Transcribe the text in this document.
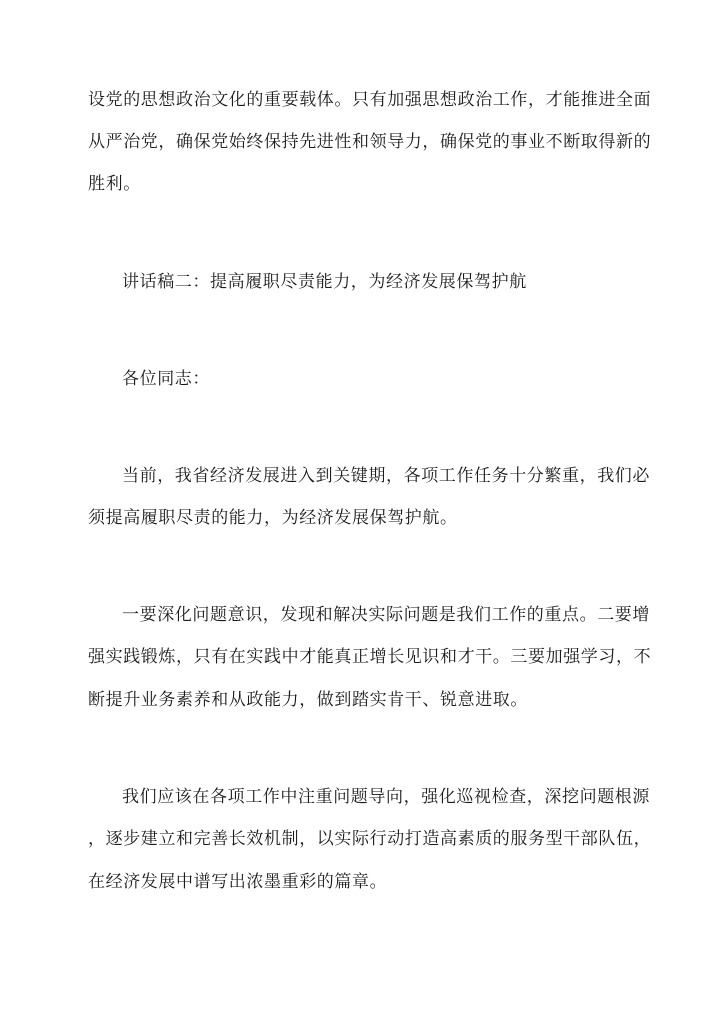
设党的思想政治文化的重要载体。只有加强思想政治工作，才能推进全面
从严治党，确保党始终保持先进性和领导力，确保党的事业不断取得新的
胜利。
讲话稿二：提高履职尽责能力，为经济发展保驾护航
各位同志：
当前，我省经济发展进入到关键期，各项工作任务十分繁重，我们必
须提高履职尽责的能力，为经济发展保驾护航。
一要深化问题意识，发现和解决实际问题是我们工作的重点。二要增
强实践锻炼，只有在实践中才能真正增长见识和才干。三要加强学习，不
断提升业务素养和从政能力，做到踏实肯干、锐意进取。
我们应该在各项工作中注重问题导向，强化巡视检查，深挖问题根源
，逐步建立和完善长效机制，以实际行动打造高素质的服务型干部队伍，
在经济发展中谱写出浓墨重彩的篇章。
